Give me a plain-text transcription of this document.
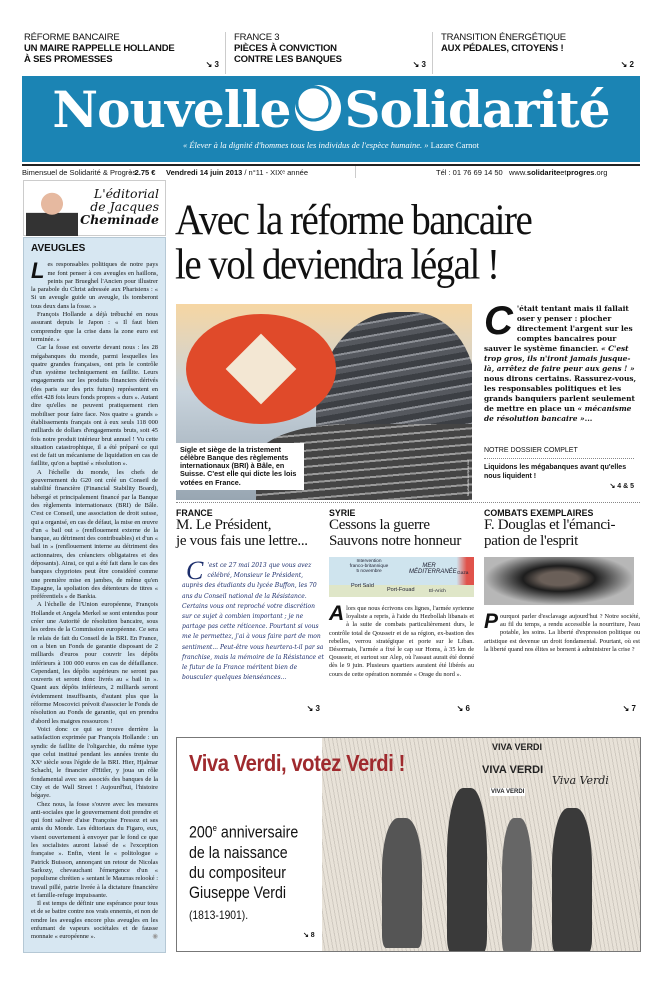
RÉFORME BANCAIRE
UN MAIRE RAPPELLE HOLLANDE
À SES PROMESSES	↘ 3
FRANCE 3
PIÈCES À CONVICTION
CONTRE LES BANQUES	↘ 3
TRANSITION ÉNERGÉTIQUE
AUX PÉDALES, CITOYENS !
↘ 2
Nouvelle Solidarité
« Élever à la dignité d'hommes tous les individus de l'espèce humaine. » Lazare Carnot
Bimensuel de Solidarité & Progrès
- 2.75 €	Vendredi 14 juin 2013 / n°11 - XIXᵉ année	Tél : 01 76 69 14 50 www.solidariteetprogres.org
L'éditorial
de Jacques
Cheminade
AVEUGLES

Les responsables politiques de notre pays me font penser à ces aveugles en haillons, peints par Brueghel l'Ancien pour illustrer la parabole du Christ adressée aux Pharisiens : « Si un aveugle guide un aveugle, ils tomberont tous deux dans la fosse. »

François Hollande a déjà trébuché en nous assurant depuis le Japon : « Il faut bien comprendre que la crise dans la zone euro est terminée. »

Car la fosse est ouverte devant nous : les 28 mégabanques du monde, parmi lesquelles les quatre grandes françaises, ont pris le contrôle d'un système techniquement en faillite. Leurs engagements sur les produits financiers dérivés (des paris sur des prix futurs) représentent en effet 428 fois leurs fonds propres « durs ». Autant dire qu'elles ne peuvent pratiquement rien mobiliser pour faire face. Nos quatre « grands » établissements français ont à eux seuls 118 000 milliards de dollars d'engagements bruts, soit 45 fois notre produit intérieur brut annuel ! Vu cette situation catastrophique, il a été préparé ce qui est de fait un mécanisme de liquidation en cas de faillite, qu'on a baptisé « résolution ».

A l'échelle du monde, les chefs de gouvernement du G20 ont créé un Conseil de stabilité financière (Financial Stability Board), hébergé et principalement financé par la Banque des règlements internationaux (BRI) de Bâle. C'est ce Conseil, une association de droit suisse, qui a organisé, en cas de défaut, la mise en œuvre d'un « bail out » (renflouement externe de la banque, au détriment des contribuables) et d'un « bail in » (renflouement interne au détriment des actionnaires, des créanciers obligataires et des déposants). Ainsi, ce qui a été fait dans le cas des banques chypriotes peut être considéré comme une première mise en jambes, de même qu'en Espagne, la spoliation des détenteurs de titres « préférentiels » de Bankia.

A l'échelle de l'Union européenne, François Hollande et Angela Merkel se sont entendus pour créer une Autorité de résolution bancaire, sous les ordres de la Commission européenne. Ce sera le relais de fait du Conseil de la BRI. En France, on a bien un Fonds de garantie disposant de 2 milliards d'euros pour couvrir les dépôts inférieurs à 100 000 euros en cas de défaillance. Cependant, les dépôts supérieurs ne seront pas couverts et seront donc livrés au « bail in ». Quant aux dépôts inférieurs, 2 milliards seront évidemment insuffisants, d'autant plus que la réforme Moscovici prévoit d'associer le Fonds de résolution au Fonds de garantie, qui en prendra d'abord les maigres ressources !

Voici donc ce qui se trouve derrière la satisfaction exprimée par François Hollande : un syndic de faillite de l'oligarchie, du même type que celui institué pendant les années trente du XXᵉ siècle sous l'égide de la BRI. Hier, Hjalmar Schacht, le financier d'Hitler, y joua un rôle fondamental avec ses associés des banques de la City et de Wall Street ! Aujourd'hui, l'histoire bégaye.

Chez nous, la fosse s'ouvre avec les mesures anti-sociales que le gouvernement doit prendre et qui font saliver d'aise Françoise Fressoz et ses amis du Monde. Les éditoriaux du Figaro, eux, visent ouvertement à envoyer par le fond ce que les socialistes auront laissé de « l'exception française ». Enfin, vient le « politologue » Patrick Buisson, annonçant un retour de Nicolas Sarkozy, chevauchant l'émergence d'un « populisme chrétien » sentant le Maurras relooké : travail pillé, patrie livrée à la dictature financière et famille-refuge impuissante.

Il est temps de définir une espérance pour tous et de se battre contre nos vrais ennemis, et non de rendre les aveugles encore plus aveugles en les enfumant de vapeurs sociétales et de fausse monnaie « européenne ».	◉

Avec la réforme bancaire
le vol deviendra légal !
Sigle et siège de la tristement célèbre Banque des règlements internationaux (BRI) à Bâle, en Suisse. C'est elle qui dicte les lois votées en France.	bis.wikimedia.wordpress.com
C 'était tentant mais il fallait oser y penser : piocher directement l'argent sur les comptes bancaires pour sauver le système financier. « C'est trop gros, ils n'iront jamais jusque-là, arrêtez de faire peur aux gens ! » nous dirons certains. Rassurez-vous, les responsables politiques et les grands banquiers parlent seulement de mettre en place un « mécanisme de résolution bancaire »...
NOTRE DOSSIER COMPLET
Liquidons les mégabanques avant qu'elles nous liquident !
↘ 4 & 5
FRANCE
M. Le Président,
je vous fais une lettre...
C 'est ce 27 mai 2013 que vous avez célébré, Monsieur le Président, auprès des étudiants du lycée Buffon, les 70 ans du Conseil national de la Résistance. Certains vous ont reproché votre discrétion sur ce sujet à combien important ; je ne partage pas cette réticence. Pourtant si vous me le permettez, j'ai à vous faire part de mon sentiment... Peut-être vous heurtera-t-il par sa franchise, mais la mémoire de la Résistance et le futur de la France méritent bien de bousculer quelques bienséances...
↘ 3
SYRIE
Cessons la guerre
Sauvons notre honneur
Intervention franco-britannique 5 novembre
MER MÉDITERRANÉE
Port Saïd
Port-Fouad	El-Arich
Gaza
Alors que nous écrivons ces lignes, l'armée syrienne loyaliste a repris, à l'aide du Hezbollah libanais et à la suite de combats particulièrement durs, le contrôle total de Qousseir et de sa région, ex-bastion des rebelles, verrou stratégique et porte sur le Liban. Désormais, l'armée a fixé le cap sur Homs, à 35 km de Qousseir, et surtout sur Alep, où l'assaut aurait été donné dès le 9 juin. Plusieurs quartiers auraient été libérés au cours de cette opération nommée « Orage du nord ».
↘ 6
COMBATS EXEMPLAIRES
F. Douglas et l'émanci-
pation de l'esprit
Pourquoi parler d'esclavage aujourd'hui ? Notre société, au fil du temps, a rendu accessible la nourriture, l'eau potable, les soins. La liberté d'expression politique ou artistique est devenue un droit fondamental. Pourtant, où est la liberté quand nos élites se bornent à administrer la crise ?
↘ 7
VIVA VERDI
VIVA VERDI
VIVA VERDI
Viva Verdi
Viva Verdi, votez Verdi !
200e anniversaire
de la naissance
du compositeur
Giuseppe Verdi
(1813-1901).
↘ 8
